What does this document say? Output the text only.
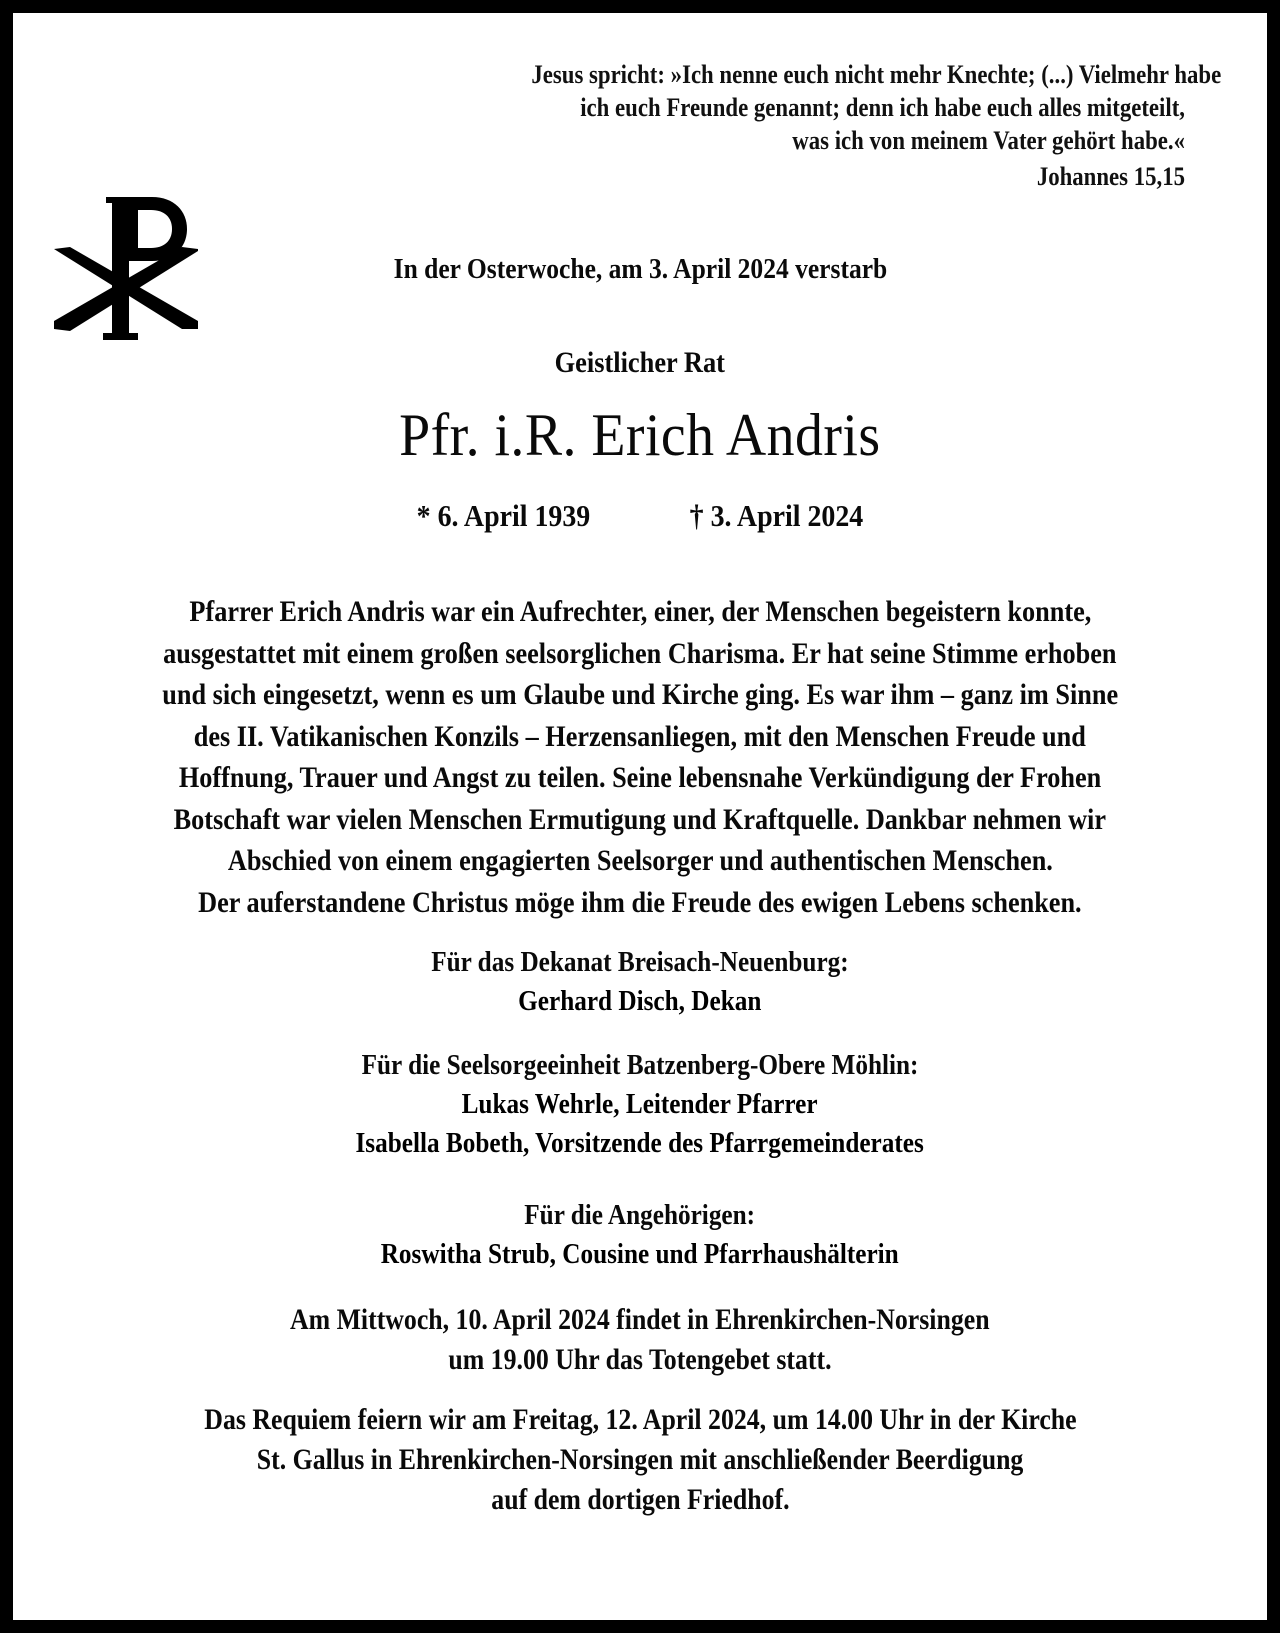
Jesus spricht: »Ich nenne euch nicht mehr Knechte; (...) Vielmehr habe
ich euch Freunde genannt; denn ich habe euch alles mitgeteilt,
was ich von meinem Vater gehört habe.«
Johannes 15,15
In der Osterwoche, am 3. April 2024 verstarb
Geistlicher Rat
Pfr. i.R. Erich Andris
* 6. April 1939	† 3. April 2024
Pfarrer Erich Andris war ein Aufrechter, einer, der Menschen begeistern konnte,
ausgestattet mit einem großen seelsorglichen Charisma. Er hat seine Stimme erhoben
und sich eingesetzt, wenn es um Glaube und Kirche ging. Es war ihm – ganz im Sinne
des II. Vatikanischen Konzils – Herzensanliegen, mit den Menschen Freude und
Hoffnung, Trauer und Angst zu teilen. Seine lebensnahe Verkündigung der Frohen
Botschaft war vielen Menschen Ermutigung und Kraftquelle. Dankbar nehmen wir
Abschied von einem engagierten Seelsorger und authentischen Menschen.
Der auferstandene Christus möge ihm die Freude des ewigen Lebens schenken.
Für das Dekanat Breisach-Neuenburg:
Gerhard Disch, Dekan
Für die Seelsorgeeinheit Batzenberg-Obere Möhlin:
Lukas Wehrle, Leitender Pfarrer
Isabella Bobeth, Vorsitzende des Pfarrgemeinderates
Für die Angehörigen:
Roswitha Strub, Cousine und Pfarrhaushälterin
Am Mittwoch, 10. April 2024 findet in Ehrenkirchen-Norsingen
um 19.00 Uhr das Totengebet statt.
Das Requiem feiern wir am Freitag, 12. April 2024, um 14.00 Uhr in der Kirche
St. Gallus in Ehrenkirchen-Norsingen mit anschließender Beerdigung
auf dem dortigen Friedhof.
